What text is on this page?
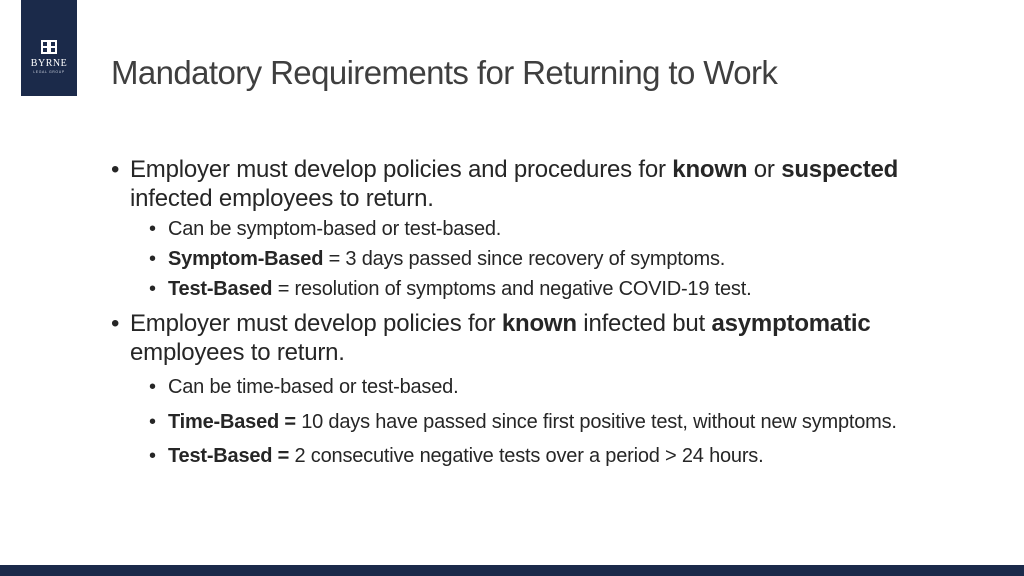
BYRNE
LEGAL GROUP	Mandatory Requirements for Returning to Work
• Employer must develop policies and procedures for known or suspected infected employees to return.
• Can be symptom-based or test-based.
• Symptom-Based = 3 days passed since recovery of symptoms.
• Test-Based = resolution of symptoms and negative COVID-19 test.
• Employer must develop policies for known infected but asymptomatic employees to return.
• Can be time-based or test-based.
• Time-Based = 10 days have passed since first positive test, without new symptoms.
• Test-Based = 2 consecutive negative tests over a period > 24 hours.
